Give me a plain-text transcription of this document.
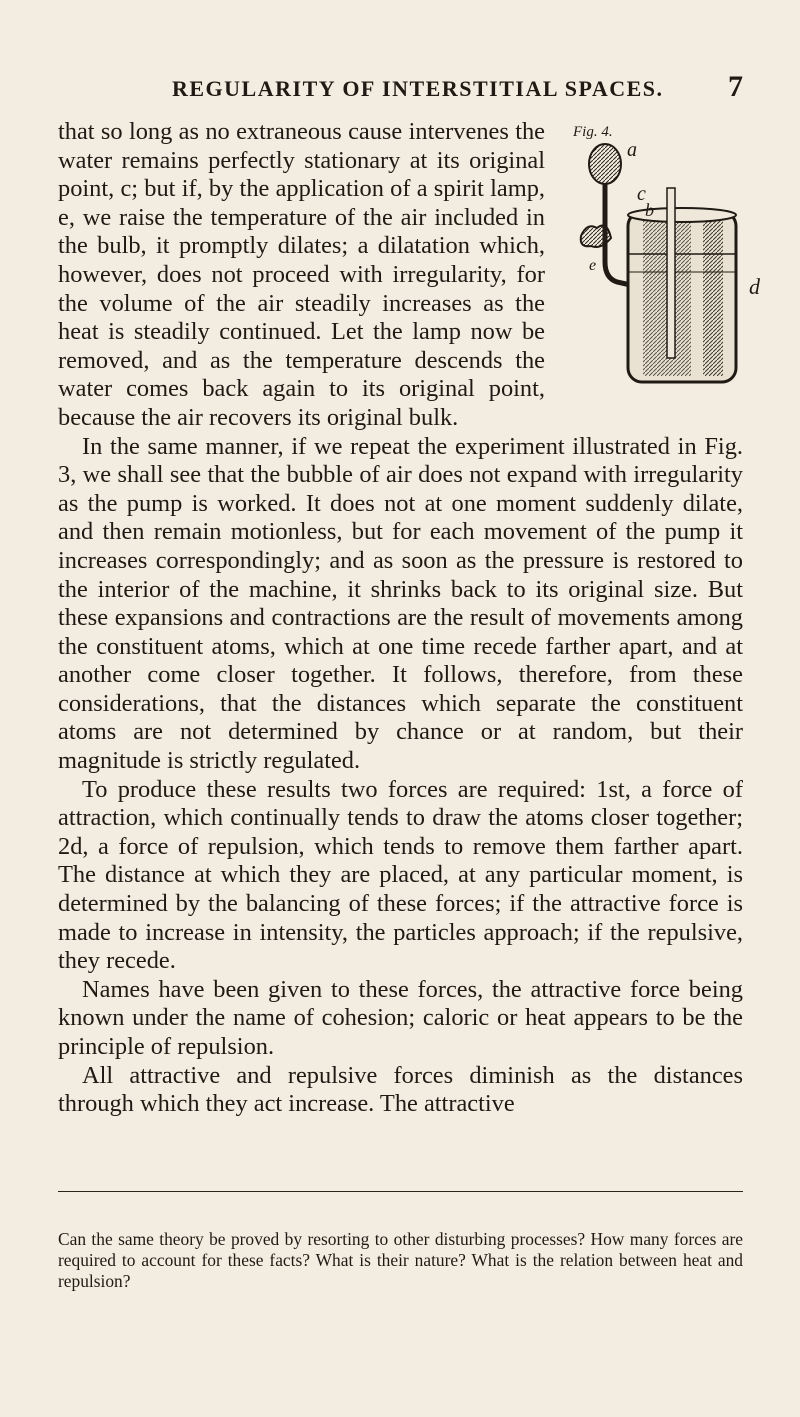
REGULARITY OF INTERSTITIAL SPACES. 7
Fig. 4.
a
c
b
d
e

that so long as no extraneous cause intervenes the water remains perfectly stationary at its original point, c; but if, by the application of a spirit lamp, e, we raise the temperature of the air included in the bulb, it promptly dilates; a dilatation which, however, does not proceed with irregularity, for the volume of the air steadily increases as the heat is steadily continued. Let the lamp now be removed, and as the temperature descends the water comes back again to its original point, because the air recovers its original bulk.

In the same manner, if we repeat the experiment illustrated in Fig. 3, we shall see that the bubble of air does not expand with irregularity as the pump is worked. It does not at one moment suddenly dilate, and then remain motionless, but for each movement of the pump it increases correspondingly; and as soon as the pressure is restored to the interior of the machine, it shrinks back to its original size. But these expansions and contractions are the result of movements among the constituent atoms, which at one time recede farther apart, and at another come closer together. It follows, therefore, from these considerations, that the distances which separate the constituent atoms are not determined by chance or at random, but their magnitude is strictly regulated.

To produce these results two forces are required: 1st, a force of attraction, which continually tends to draw the atoms closer together; 2d, a force of repulsion, which tends to remove them farther apart. The distance at which they are placed, at any particular moment, is determined by the balancing of these forces; if the attractive force is made to increase in intensity, the particles approach; if the repulsive, they recede.

Names have been given to these forces, the attractive force being known under the name of cohesion; caloric or heat appears to be the principle of repulsion.

All attractive and repulsive forces diminish as the distances through which they act increase. The attractive

Can the same theory be proved by resorting to other disturbing processes? How many forces are required to account for these facts? What is their nature? What is the relation between heat and repulsion?
